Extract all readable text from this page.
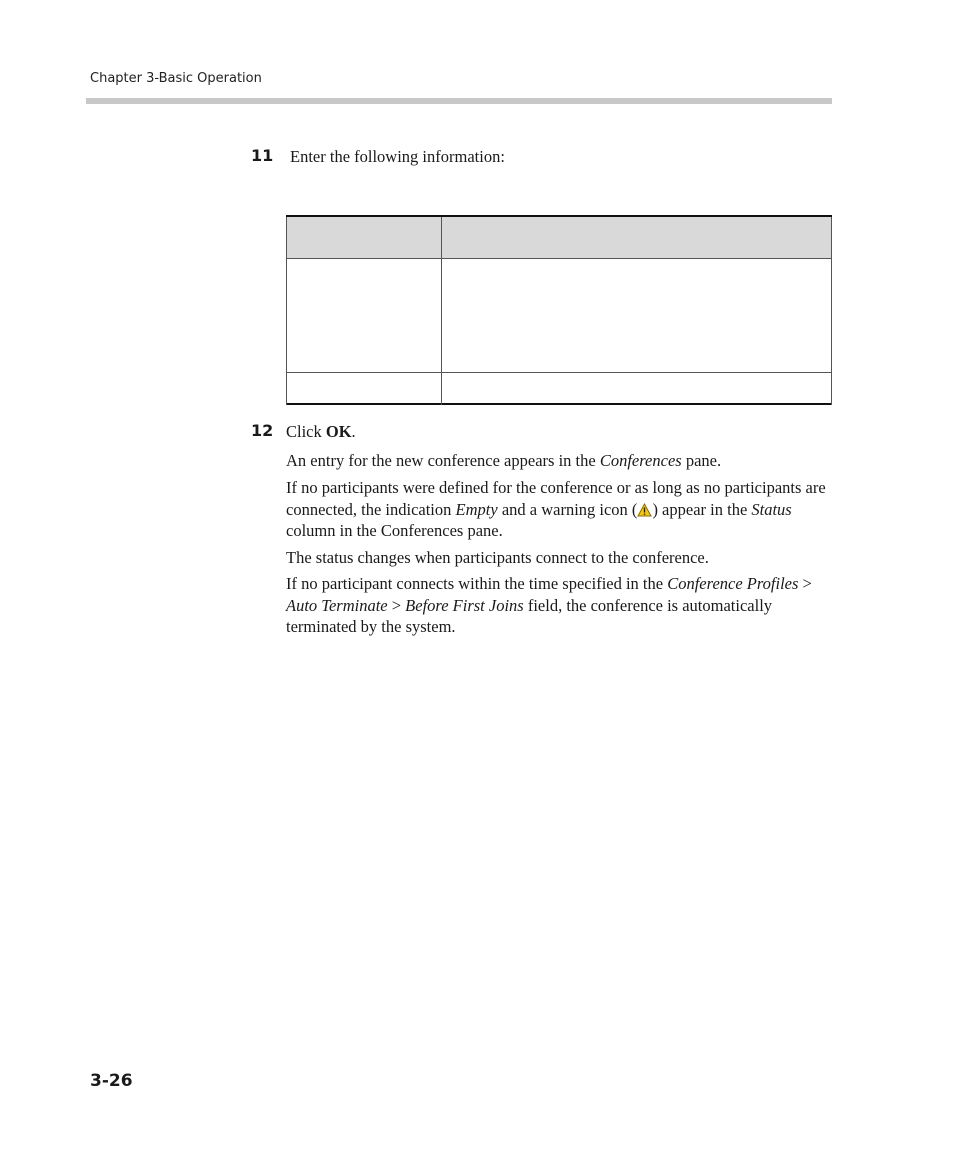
Chapter 3-Basic Operation
11 Enter the following information:
12 Click OK.
An entry for the new conference appears in the Conferences pane.
If no participants were defined for the conference or as long as no participants are connected, the indication Empty and a warning icon ( ) appear in the Status column in the Conferences pane.
The status changes when participants connect to the conference.
If no participant connects within the time specified in the Conference Profiles > Auto Terminate > Before First Joins field, the conference is automatically terminated by the system.
3-26
